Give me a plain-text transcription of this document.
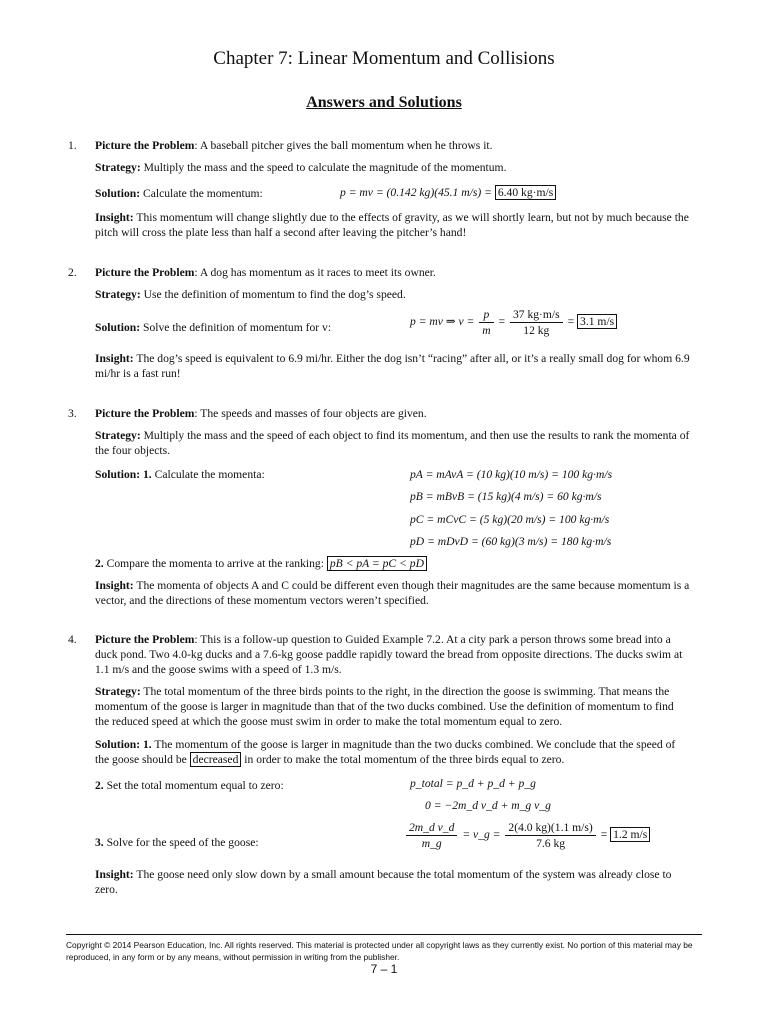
Chapter 7: Linear Momentum and Collisions
Answers and Solutions
1. Picture the Problem: A baseball pitcher gives the ball momentum when he throws it.
Strategy: Multiply the mass and the speed to calculate the magnitude of the momentum.
Solution: Calculate the momentum:	p = mv = (0.142 kg)(45.1 m/s) = 6.40 kg·m/s
Insight: This momentum will change slightly due to the effects of gravity, as we will shortly learn, but not by much because the pitch will cross the plate less than half a second after leaving the pitcher’s hand!
2. Picture the Problem: A dog has momentum as it races to meet its owner.
Strategy: Use the definition of momentum to find the dog’s speed.
Solution: Solve the definition of momentum for v:	p = mv ⇒ $v = \frac{p}{m} = \frac{37 kg\cdot m/s}{12 kg} = 3.1$ m/s
Insight: The dog’s speed is equivalent to 6.9 mi/hr. Either the dog isn’t “racing” after all, or it’s a really small dog for whom 6.9 mi/hr is a fast run!
3. Picture the Problem: The speeds and masses of four objects are given.
Strategy: Multiply the mass and the speed of each object to find its momentum, and then use the results to rank the momenta of the four objects.
Solution: 1. Calculate the momenta:	pA = mAvA = (10 kg)(10 m/s) = 100 kg·m/s
pB = mBvB = (15 kg)(4 m/s) = 60 kg·m/s
pC = mCvC = (5 kg)(20 m/s) = 100 kg·m/s
pD = mDvD = (60 kg)(3 m/s) = 180 kg·m/s
2. Compare the momenta to arrive at the ranking: pB < pA = pC < pD
Insight: The momenta of objects A and C could be different even though their magnitudes are the same because momentum is a vector, and the directions of these momentum vectors weren’t specified.
4. Picture the Problem: This is a follow-up question to Guided Example 7.2. At a city park a person throws some bread into a duck pond. Two 4.0-kg ducks and a 7.6-kg goose paddle rapidly toward the bread from opposite directions. The ducks swim at 1.1 m/s and the goose swims with a speed of 1.3 m/s.
Strategy: The total momentum of the three birds points to the right, in the direction the goose is swimming. That means the momentum of the goose is larger in magnitude than that of the two ducks combined. Use the definition of momentum to find the reduced speed at which the goose must swim in order to make the total momentum equal to zero.
Solution: 1. The momentum of the goose is larger in magnitude than the two ducks combined. We conclude that the speed of the goose should be decreased in order to make the total momentum of the three birds equal to zero.
2. Set the total momentum equal to zero:	p_total = p_d + p_d + p_g
0 = −2m_d v_d + m_g v_g
3. Solve for the speed of the goose:	$\frac{\text{2m\_d v\_d}}{m\_g}$ = v_g = $\frac{2(4.0 kg)(1.1 m/s)}{7.6 kg} = 1.2$ m/s
Insight: The goose need only slow down by a small amount because the total momentum of the system was already close to zero.
Copyright © 2014 Pearson Education, Inc. All rights reserved. This material is protected under all copyright laws as they currently exist. No portion of this material may be reproduced, in any form or by any means, without permission in writing from the publisher.
7 – 1
